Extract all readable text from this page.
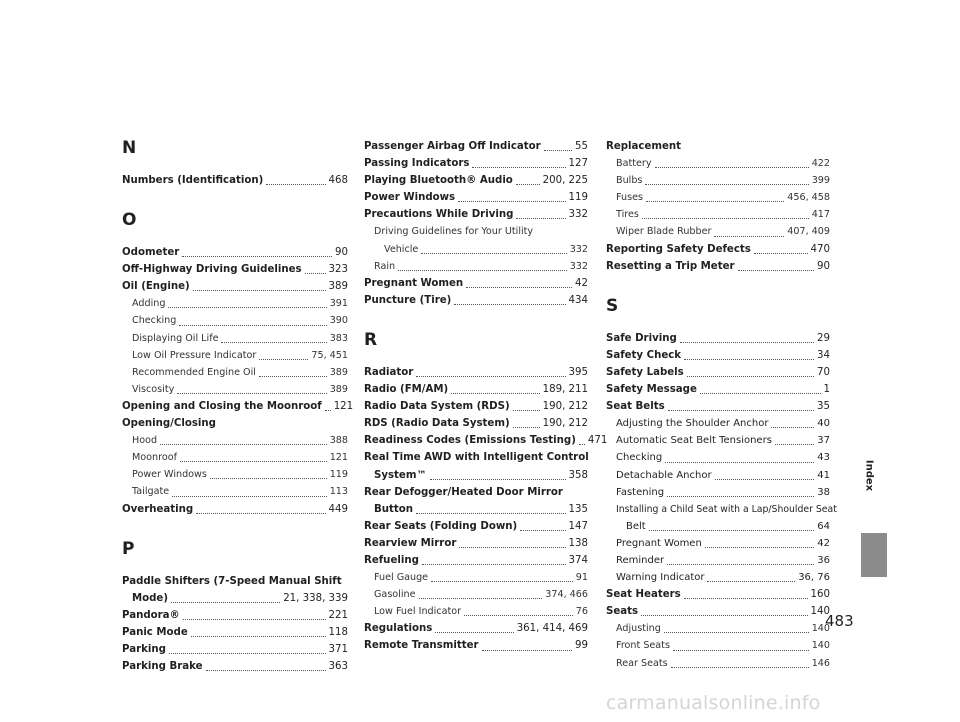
N
Numbers (Identification)	468
O
Odometer	90
Off-Highway Driving Guidelines	323
Oil (Engine)	389
Adding	391
Checking	390
Displaying Oil Life	383
Low Oil Pressure Indicator	75, 451
Recommended Engine Oil	389
Viscosity	389
Opening and Closing the Moonroof 121
Opening/Closing
Hood	388
Moonroof	121
Power Windows	119
Tailgate	113
Overheating	449
P
Paddle Shifters (7-Speed Manual Shift
Mode)	21, 338, 339
Pandora®	221
Panic Mode	118
Parking	371
Parking Brake	363
Passenger Airbag Off Indicator	55
Passing Indicators	127
Playing Bluetooth® Audio	200, 225
Power Windows	119
Precautions While Driving	332
Driving Guidelines for Your Utility
Vehicle	332
Rain	332
Pregnant Women	42
Puncture (Tire)	434
R
Radiator	395
Radio (FM/AM)	189, 211
Radio Data System (RDS)	190, 212
RDS (Radio Data System)	190, 212
Readiness Codes (Emissions Testing) 471
Real Time AWD with Intelligent Control
System™	358
Rear Defogger/Heated Door Mirror
Button	135
Rear Seats (Folding Down)	147
Rearview Mirror	138
Refueling	374
Fuel Gauge	91
Gasoline	374, 466
Low Fuel Indicator	76
Regulations	361, 414, 469
Remote Transmitter	99
Replacement
Battery	422
Bulbs	399
Fuses	456, 458
Tires	417
Wiper Blade Rubber	407, 409
Reporting Safety Defects	470
Resetting a Trip Meter	90
S
Safe Driving	29
Safety Check	34
Safety Labels	70
Safety Message	1
Seat Belts	35
Adjusting the Shoulder Anchor	40
Automatic Seat Belt Tensioners	37
Checking	43
Detachable Anchor	41
Fastening	38
Installing a Child Seat with a Lap/Shoulder Seat
Belt	64
Pregnant Women	42
Reminder	36
Warning Indicator	36, 76
Seat Heaters	160
Seats	140
Adjusting	140
Front Seats	140
Rear Seats	146
Index
483
carmanualsonline.info
